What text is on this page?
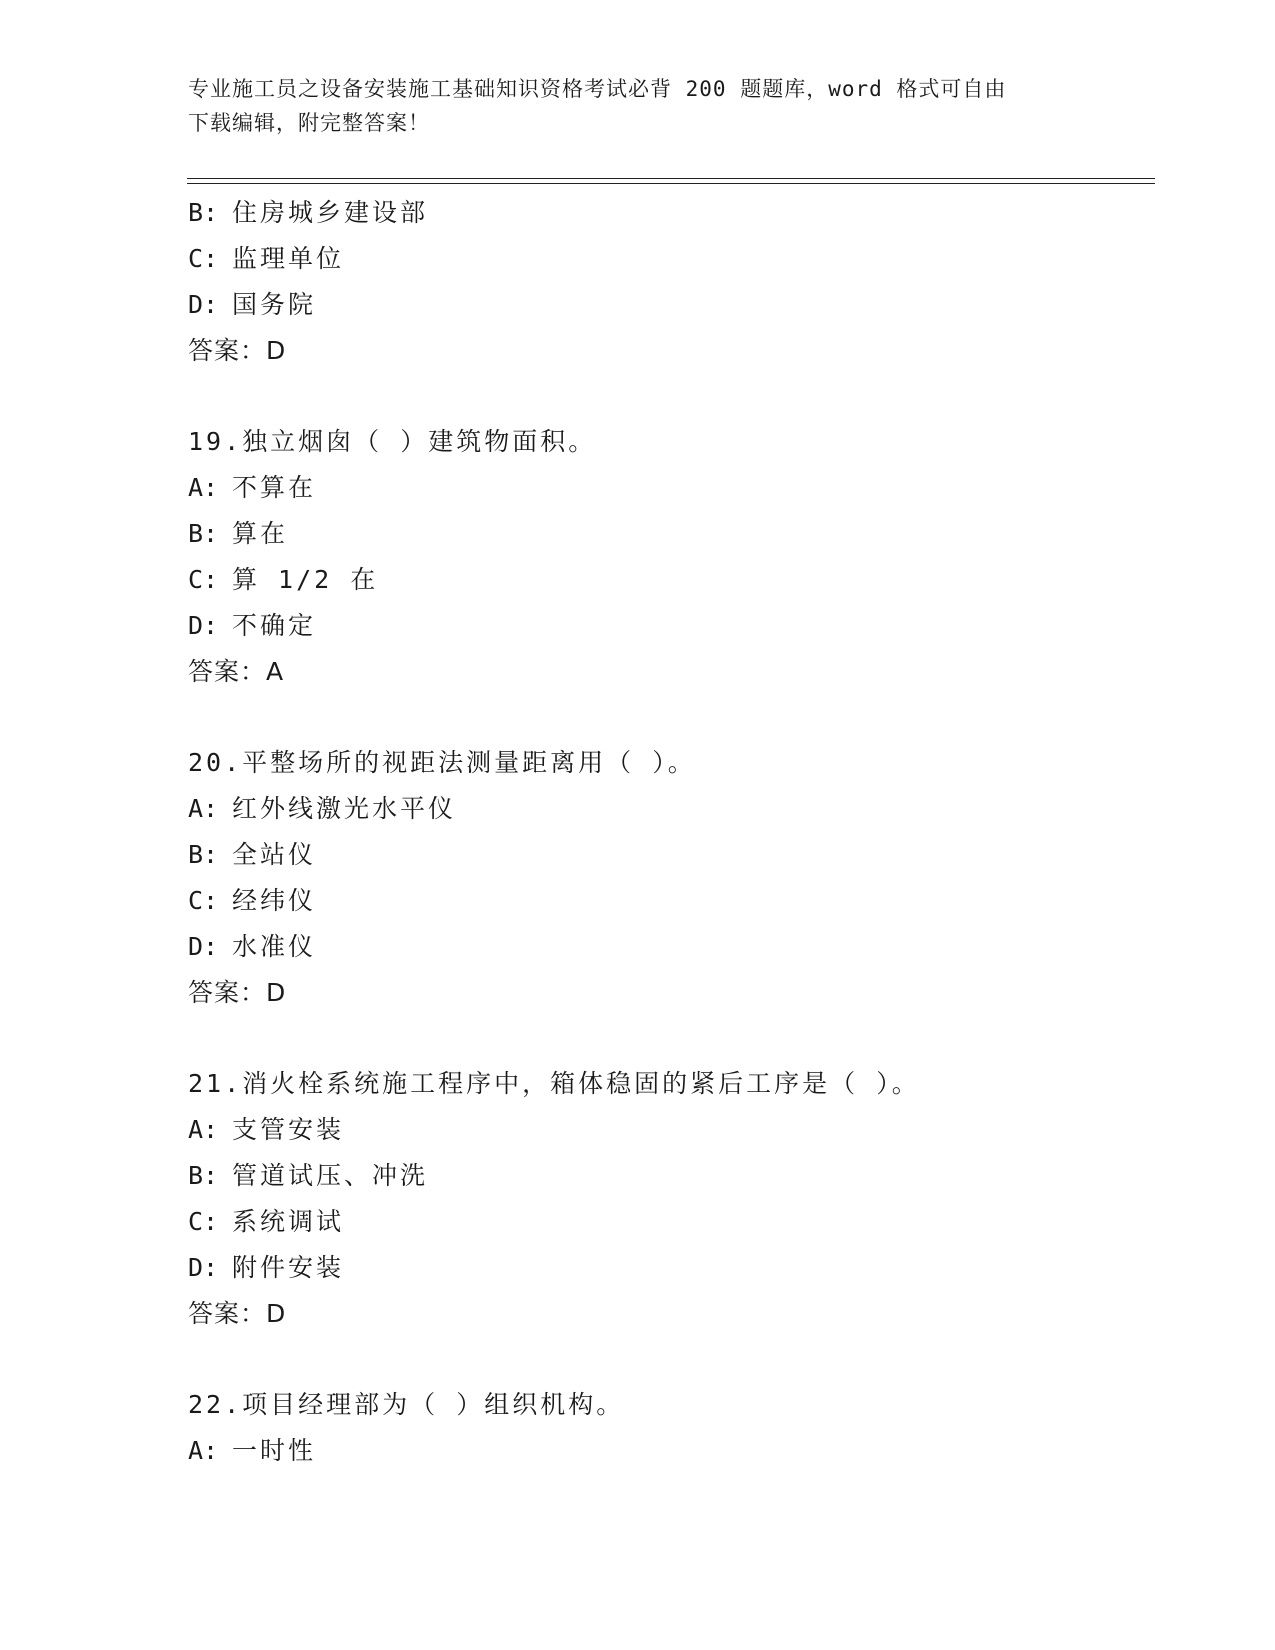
专业施工员之设备安装施工基础知识资格考试必背 200 题题库，word 格式可自由
下载编辑，附完整答案！
B: 住房城乡建设部
C: 监理单位
D: 国务院
答案：D
19.独立烟囱（ ）建筑物面积。
A: 不算在
B: 算在
C: 算 1/2 在
D: 不确定
答案：A
20.平整场所的视距法测量距离用（ ）。
A: 红外线激光水平仪
B: 全站仪
C: 经纬仪
D: 水准仪
答案：D
21.消火栓系统施工程序中，箱体稳固的紧后工序是（ ）。
A: 支管安装
B: 管道试压、冲洗
C: 系统调试
D: 附件安装
答案：D
22.项目经理部为（ ）组织机构。
A: 一时性
